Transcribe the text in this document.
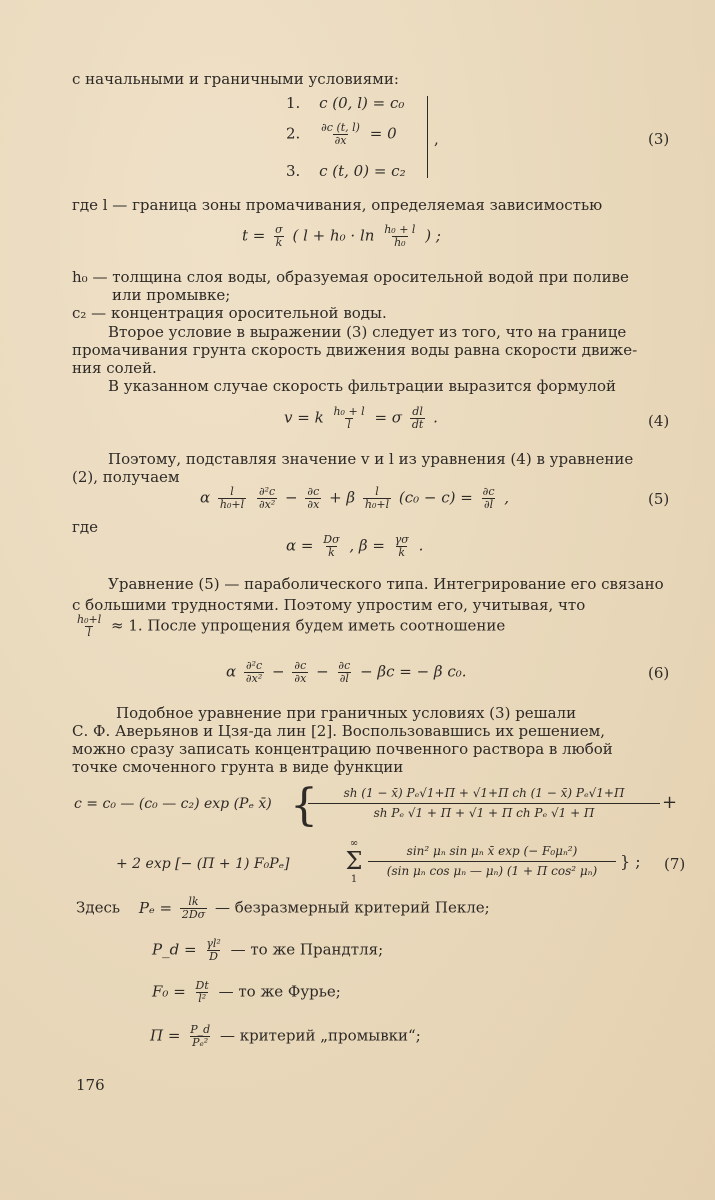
с начальными и граничными условиями:
1. c (0, l) = c₀
2. $\frac{\partial c (t, l)}{\partial x} = 0$
3. c (t, 0) = c₂
,	(3)
где l — граница зоны промачивания, определяемая зависимостью
$t = \frac{\sigma}{k}$ ( $l + h_0 \cdot \ln \frac{\text{h₀ + l}}{\text{h₀}}$ ) ;
h₀ — толщина слоя воды, образуемая оросительной водой при поливе
или промывке;
c₂ — концентрация оросительной воды.
Второе условие в выражении (3) следует из того, что на границе
промачивания грунта скорость движения воды равна скорости движе-
ния солей.
В указанном случае скорость фильтрации выразится формулой
v = k $\frac{\text{h₀ + l}}{l} = \sigma \frac{dl}{dt}$ .	(4)
Поэтому, подставляя значение v и l из уравнения (4) в уравнение
(2), получаем
α $\frac{l}{\text{h₀+l}}$
$\frac{\text{∂²c}}{\text{∂x²}} - \frac{\partial c}{\partial x} + \beta \frac{l}{\text{h₀+l}} (c_0 - c) = \frac{\partial c}{\partial l}$ ,	(5)
где
$\alpha = \frac{D\sigma}{k}$ , $\beta = \frac{\gamma\sigma}{k}$ .
Уравнение (5) — параболического типа. Интегрирование его связано
с большими трудностями. Поэтому упростим его, учитывая, что
$\frac{\text{h₀+l}}{l} \approx 1$. После упрощения будем иметь соотношение
α $\frac{\text{∂²c}}{\text{∂x²}} - \frac{\partial c}{\partial x} - \frac{\partial c}{\partial l} - \beta c$ = − β c₀.	(6)
Подобное уравнение при граничных условиях (3) решали
С. Ф. Аверьянов и Цзя-да лин [2]. Воспользовавшись их решением,
можно сразу записать концентрацию почвенного раствора в любой
точке смоченного грунта в виде функции
c = c₀ — (c₀ — c₂) exp (Pₑ x̄) {	sh (1 − x̄) Pₑ√1+Π + √1+Π ch (1 − x̄) Pₑ√1+Π
sh Pₑ √1 + Π + √1 + Π ch Pₑ √1 + Π	+
+ 2 exp [− (Π + 1) F₀Pₑ]
∞
Σ
1
sin² μₙ sin μₙ x̄ exp (− F₀μₙ²)
(sin μₙ cos μₙ — μₙ) (1 + Π cos² μₙ)	} ; (7)
Здесь $P_e = \frac{lk}{2D\sigma}$ — безразмерный критерий Пекле;
P_d = $\frac{\text{γl²}}{D}$ — то же Прандтля;
$F_0 = \frac{Dt}{\text{l²}}$ — то же Фурье;
$\Pi = \frac{P\_d}{\text{Pₑ²}}$ — критерий „промывки“;
176
